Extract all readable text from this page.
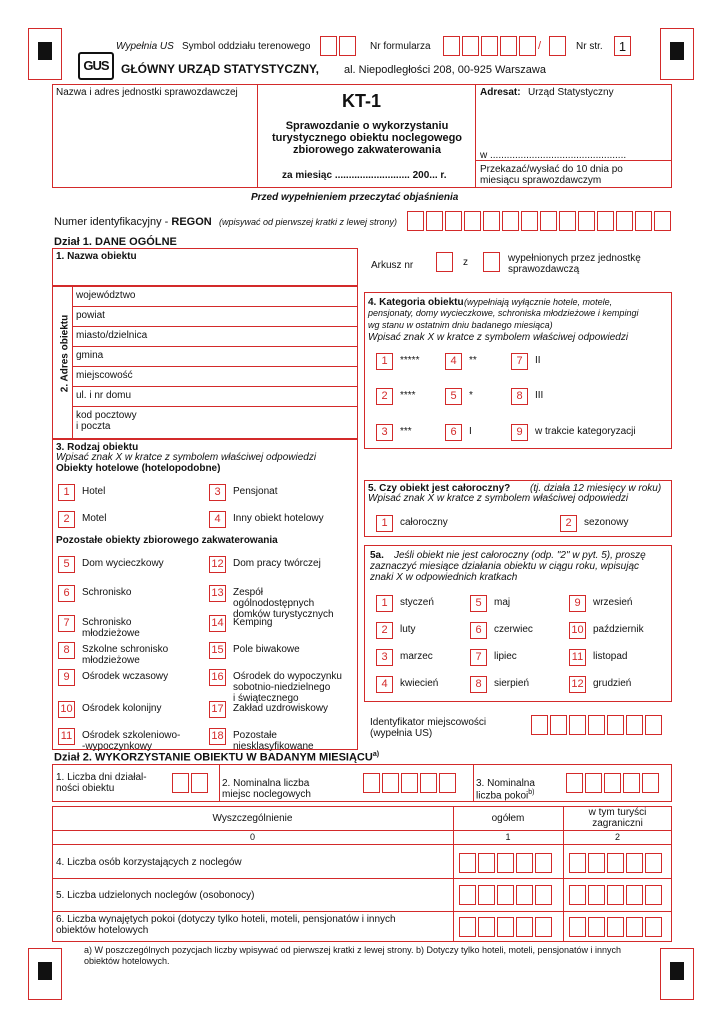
Wypełnia US Symbol oddziału terenowego	Nr formularza	/	Nr str.	1
GUS	GŁÓWNY URZĄD STATYSTYCZNY, al. Niepodległości 208, 00-925 Warszawa
Nazwa i adres jednostki sprawozdawczej	KT-1
Sprawozdanie o wykorzystaniu
turystycznego obiektu noclegowego
zbiorowego zakwaterowania
za miesiąc ........................... 200... r.
Adresat: Urząd Statystyczny
w .................................................
Przekazać/wysłać do 10 dnia po
miesiącu sprawozdawczym
Przed wypełnieniem przeczytać objaśnienia
Numer identyfikacyjny - REGON (wpisywać od pierwszej kratki z lewej strony)
Dział 1. DANE OGÓLNE
1. Nazwa obiektu
Arkusz nr	z	wypełnionych przez jednostkę
sprawozdawczą
2. Adres obiektu
województwo
powiat
miasto/dzielnica
gmina
miejscowość
ul. i nr domu
kod pocztowy
i poczta
4. Kategoria obiektu (wypełniają wyłącznie hotele, motele,
pensjonaty, domy wycieczkowe, schroniska młodzieżowe i kempingi
wg stanu w ostatnim dniu badanego miesiąca)
Wpisać znak X w kratce z symbolem właściwej odpowiedzi
1	*****	4	**	7	II
2	****	5	*	8	III
3	***	6	I	9	w trakcie kategoryzacji
3. Rodzaj obiektu
Wpisać znak X w kratce z symbolem właściwej odpowiedzi
Obiekty hotelowe (hotelopodobne)
Pozostałe obiekty zbiorowego zakwaterowania
1	Hotel	3	Pensjonat
2	Motel	4	Inny obiekt hotelowy
5	Dom wycieczkowy	12 Dom pracy twórczej
6	Schronisko	13 Zespół
ogólnodostępnych
domków turystycznych
7	Schronisko
młodzieżowe
14 Kemping
8	Szkolne schronisko
młodzieżowe
15 Pole biwakowe
9	Ośrodek wczasowy	16 Ośrodek do wypoczynku
sobotnio-niedzielnego
i świątecznego
10 Ośrodek kolonijny	17 Zakład uzdrowiskowy
11 Ośrodek szkoleniowo-
-wypoczynkowy
18 Pozostałe
niesklasyfikowane
5. Czy obiekt jest całoroczny? (tj. działa 12 miesięcy w roku)
Wpisać znak X w kratce z symbolem właściwej odpowiedzi
1	całoroczny	2	sezonowy
5a.	Jeśli obiekt nie jest całoroczny (odp. "2" w pyt. 5), proszę
zaznaczyć miesiące działania obiektu w ciągu roku, wpisując
znaki X w odpowiednich kratkach
1	styczeń	5	maj	9	wrzesień
2	luty	6	czerwiec	10 październik
3	marzec	7	lipiec	11 listopad
4	kwiecień	8	sierpień	12 grudzień
Identyfikator miejscowości
(wypełnia US)
Dział 2. WYKORZYSTANIE OBIEKTU W BADANYM MIESIĄCU$^{a)}$
1. Liczba dni działal-
ności obiektu	2. Nominalna liczba
miejsc noclegowych
3. Nominalna
liczba pokoi$^{b)}$
Wyszczególnienie	ogółem
w tym turyści
zagraniczni
0	1	2
4. Liczba osób korzystających z noclegów
5. Liczba udzielonych noclegów (osobonocy)
6. Liczba wynajętych pokoi (dotyczy tylko hoteli, moteli, pensjonatów i innych
obiektów hotelowych
a) W poszczególnych pozycjach liczby wpisywać od pierwszej kratki z lewej strony. b) Dotyczy tylko hoteli, moteli, pensjonatów i innych
obiektów hotelowych.
